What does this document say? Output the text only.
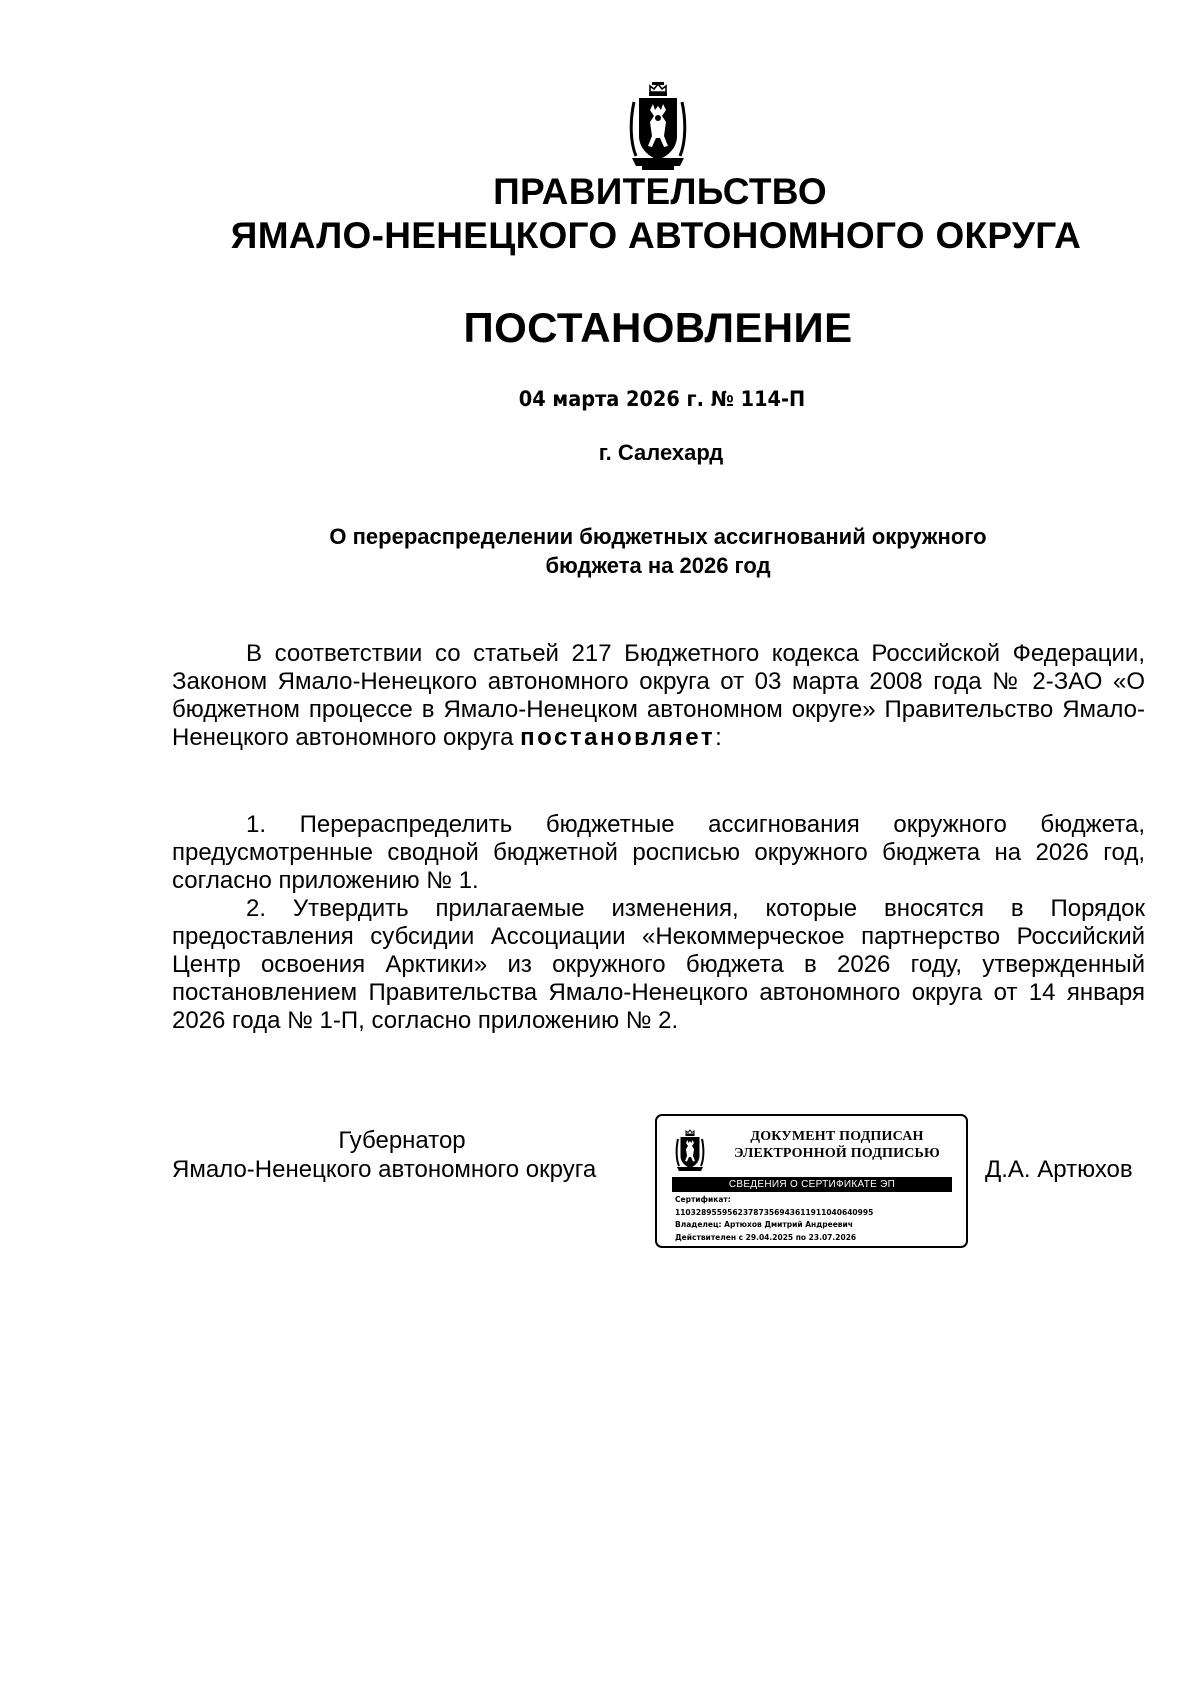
ПРАВИТЕЛЬСТВО
ЯМАЛО-НЕНЕЦКОГО АВТОНОМНОГО ОКРУГА
ПОСТАНОВЛЕНИЕ
04 марта 2026 г. № 114-П
г. Салехард
О перераспределении бюджетных ассигнований окружного
бюджета на 2026 год

В соответствии со статьей 217 Бюджетного кодекса Российской Федерации, Законом Ямало-Ненецкого автономного округа от 03 марта 2008 года № 2-ЗАО «О бюджетном процессе в Ямало-Ненецком автономном округе» Правительство Ямало-Ненецкого автономного округа постановляет:

1. Перераспределить бюджетные ассигнования окружного бюджета, предусмотренные сводной бюджетной росписью окружного бюджета на 2026 год, согласно приложению № 1.

2. Утвердить прилагаемые изменения, которые вносятся в Порядок предоставления субсидии Ассоциации «Некоммерческое партнерство Российский Центр освоения Арктики» из окружного бюджета в 2026 году, утвержденный постановлением Правительства Ямало-Ненецкого автономного округа от 14 января 2026 года № 1-П, согласно приложению № 2.

Губернатор
Ямало-Ненецкого автономного округа
ДОКУМЕНТ ПОДПИСАН
ЭЛЕКТРОННОЙ ПОДПИСЬЮ
СВЕДЕНИЯ О СЕРТИФИКАТЕ ЭП
Сертификат:
11032895595623787356943611911040640995
Владелец: Артюхов Дмитрий Андреевич
Действителен с 29.04.2025 по 23.07.2026
Д.А. Артюхов
